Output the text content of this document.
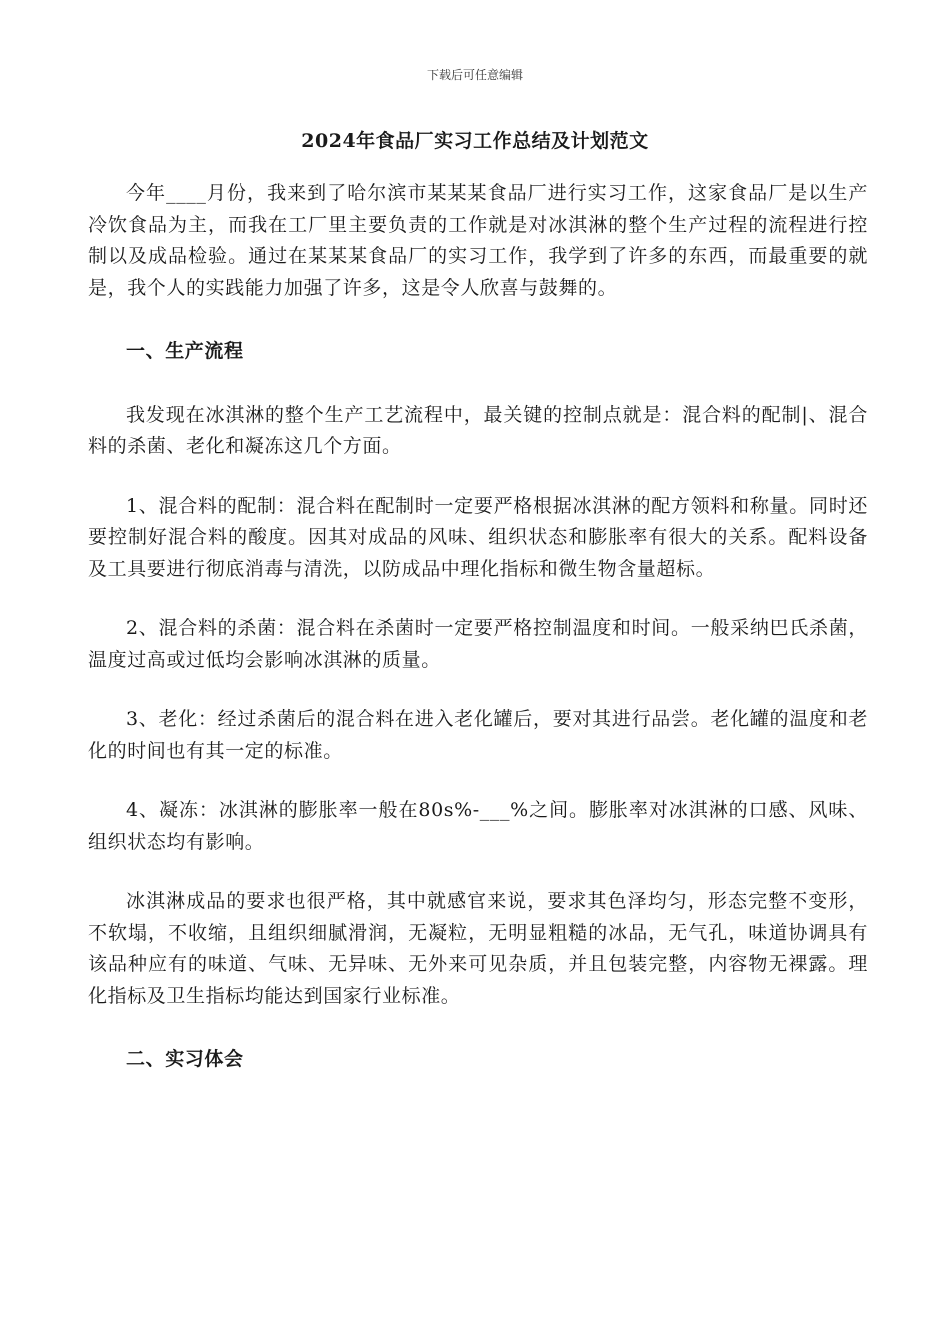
下载后可任意编辑
2024年食品厂实习工作总结及计划范文

今年____月份，我来到了哈尔滨市某某某食品厂进行实习工作，这家食品厂是以生产冷饮食品为主，而我在工厂里主要负责的工作就是对冰淇淋的整个生产过程的流程进行控制以及成品检验。通过在某某某食品厂的实习工作，我学到了许多的东西，而最重要的就是，我个人的实践能力加强了许多，这是令人欣喜与鼓舞的。

一、生产流程

我发现在冰淇淋的整个生产工艺流程中，最关键的控制点就是：混合料的配制|、混合料的杀菌、老化和凝冻这几个方面。

1、混合料的配制：混合料在配制时一定要严格根据冰淇淋的配方领料和称量。同时还要控制好混合料的酸度。因其对成品的风味、组织状态和膨胀率有很大的关系。配料设备及工具要进行彻底消毒与清洗，以防成品中理化指标和微生物含量超标。

2、混合料的杀菌：混合料在杀菌时一定要严格控制温度和时间。一般采纳巴氏杀菌，温度过高或过低均会影响冰淇淋的质量。

3、老化：经过杀菌后的混合料在进入老化罐后，要对其进行品尝。老化罐的温度和老化的时间也有其一定的标准。

4、凝冻：冰淇淋的膨胀率一般在80s%-___%之间。膨胀率对冰淇淋的口感、风味、组织状态均有影响。

冰淇淋成品的要求也很严格，其中就感官来说，要求其色泽均匀，形态完整不变形，不软塌，不收缩，且组织细腻滑润，无凝粒，无明显粗糙的冰品，无气孔，味道协调具有该品种应有的味道、气味、无异味、无外来可见杂质，并且包装完整，内容物无裸露。理化指标及卫生指标均能达到国家行业标准。

二、实习体会
